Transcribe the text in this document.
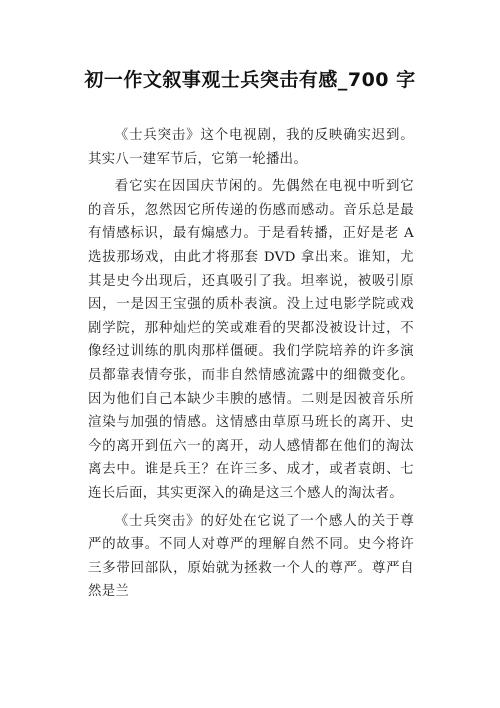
初一作文叙事观士兵突击有感_700 字

《士兵突击》这个电视剧，我的反映确实迟到。其实八一建军节后，它第一轮播出。

看它实在因国庆节闲的。先偶然在电视中听到它的音乐，忽然因它所传递的伤感而感动。音乐总是最有情感标识，最有煽感力。于是看转播，正好是老 A 选拔那场戏，由此才将那套 DVD 拿出来。谁知，尤其是史今出现后，还真吸引了我。坦率说，被吸引原因，一是因王宝强的质朴表演。没上过电影学院或戏剧学院，那种灿烂的笑或难看的哭都没被设计过，不像经过训练的肌肉那样僵硬。我们学院培养的许多演员都靠表情夸张，而非自然情感流露中的细微变化。因为他们自己本缺少丰腴的感情。二则是因被音乐所渲染与加强的情感。这情感由草原马班长的离开、史今的离开到伍六一的离开，动人感情都在他们的淘汰离去中。谁是兵王？在许三多、成才，或者袁朗、七连长后面，其实更深入的确是这三个感人的淘汰者。

《士兵突击》的好处在它说了一个感人的关于尊严的故事。不同人对尊严的理解自然不同。史今将许三多带回部队，原始就为拯救一个人的尊严。尊严自然是兰
